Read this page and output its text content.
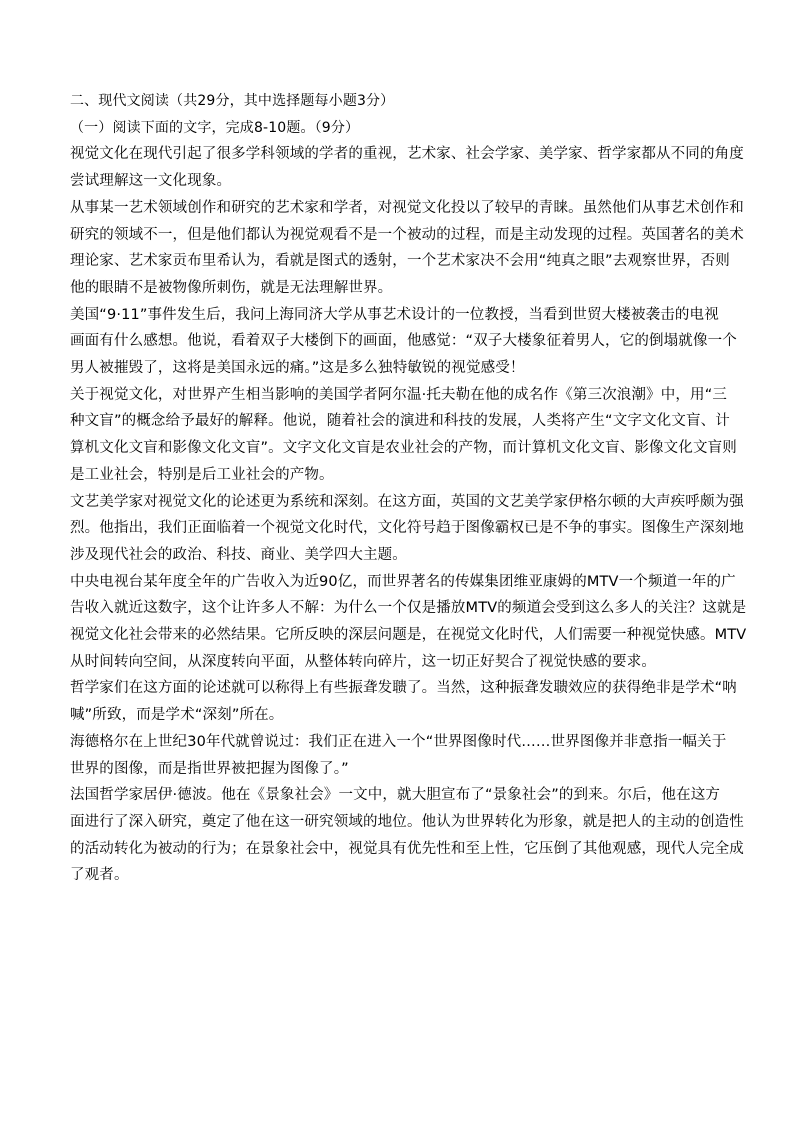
二、现代文阅读（共29分，其中选择题每小题3分）
（一）阅读下面的文字，完成8-10题。（9分）
视觉文化在现代引起了很多学科领域的学者的重视，艺术家、社会学家、美学家、哲学家都从不同的角度
尝试理解这一文化现象。
从事某一艺术领域创作和研究的艺术家和学者，对视觉文化投以了较早的青睐。虽然他们从事艺术创作和
研究的领域不一，但是他们都认为视觉观看不是一个被动的过程，而是主动发现的过程。英国著名的美术
理论家、艺术家贡布里希认为，看就是图式的透射，一个艺术家决不会用“纯真之眼”去观察世界，否则
他的眼睛不是被物像所刺伤，就是无法理解世界。
美国“9·11”事件发生后，我问上海同济大学从事艺术设计的一位教授，当看到世贸大楼被袭击的电视
画面有什么感想。他说，看着双子大楼倒下的画面，他感觉：“双子大楼象征着男人，它的倒塌就像一个
男人被摧毁了，这将是美国永远的痛。”这是多么独特敏锐的视觉感受！
关于视觉文化，对世界产生相当影响的美国学者阿尔温·托夫勒在他的成名作《第三次浪潮》中，用“三
种文盲”的概念给予最好的解释。他说，随着社会的演进和科技的发展，人类将产生“文字文化文盲、计
算机文化文盲和影像文化文盲”。文字文化文盲是农业社会的产物，而计算机文化文盲、影像文化文盲则
是工业社会，特别是后工业社会的产物。
文艺美学家对视觉文化的论述更为系统和深刻。在这方面，英国的文艺美学家伊格尔顿的大声疾呼颇为强
烈。他指出，我们正面临着一个视觉文化时代，文化符号趋于图像霸权已是不争的事实。图像生产深刻地
涉及现代社会的政治、科技、商业、美学四大主题。
中央电视台某年度全年的广告收入为近90亿，而世界著名的传媒集团维亚康姆的MTV一个频道一年的广
告收入就近这数字，这个让许多人不解：为什么一个仅是播放MTV的频道会受到这么多人的关注？这就是
视觉文化社会带来的必然结果。它所反映的深层问题是，在视觉文化时代，人们需要一种视觉快感。MTV
从时间转向空间，从深度转向平面，从整体转向碎片，这一切正好契合了视觉快感的要求。
哲学家们在这方面的论述就可以称得上有些振聋发聩了。当然，这种振聋发聩效应的获得绝非是学术“呐
喊”所致，而是学术“深刻”所在。
海德格尔在上世纪30年代就曾说过：我们正在进入一个“世界图像时代……世界图像并非意指一幅关于
世界的图像，而是指世界被把握为图像了。”
法国哲学家居伊·德波。他在《景象社会》一文中，就大胆宣布了“景象社会”的到来。尔后，他在这方
面进行了深入研究，奠定了他在这一研究领域的地位。他认为世界转化为形象，就是把人的主动的创造性
的活动转化为被动的行为；在景象社会中，视觉具有优先性和至上性，它压倒了其他观感，现代人完全成
了观者。
